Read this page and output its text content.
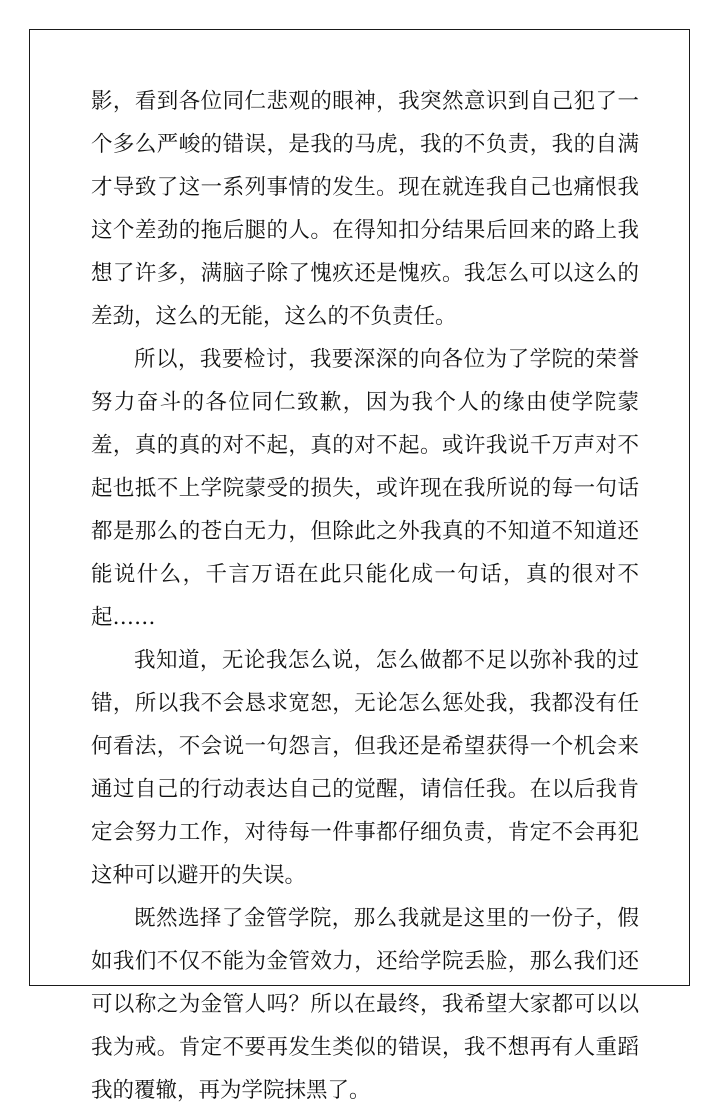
影，看到各位同仁悲观的眼神，我突然意识到自己犯了一个多么严峻的错误，是我的马虎，我的不负责，我的自满才导致了这一系列事情的发生。现在就连我自己也痛恨我这个差劲的拖后腿的人。在得知扣分结果后回来的路上我想了许多，满脑子除了愧疚还是愧疚。我怎么可以这么的差劲，这么的无能，这么的不负责任。

所以，我要检讨，我要深深的向各位为了学院的荣誉努力奋斗的各位同仁致歉，因为我个人的缘由使学院蒙羞，真的真的对不起，真的对不起。或许我说千万声对不起也抵不上学院蒙受的损失，或许现在我所说的每一句话都是那么的苍白无力，但除此之外我真的不知道不知道还能说什么，千言万语在此只能化成一句话，真的很对不起……

我知道，无论我怎么说，怎么做都不足以弥补我的过错，所以我不会恳求宽恕，无论怎么惩处我，我都没有任何看法，不会说一句怨言，但我还是希望获得一个机会来通过自己的行动表达自己的觉醒，请信任我。在以后我肯定会努力工作，对待每一件事都仔细负责，肯定不会再犯这种可以避开的失误。

既然选择了金管学院，那么我就是这里的一份子，假如我们不仅不能为金管效力，还给学院丢脸，那么我们还可以称之为金管人吗？所以在最终，我希望大家都可以以我为戒。肯定不要再发生类似的错误，我不想再有人重蹈我的覆辙，再为学院抹黑了。
